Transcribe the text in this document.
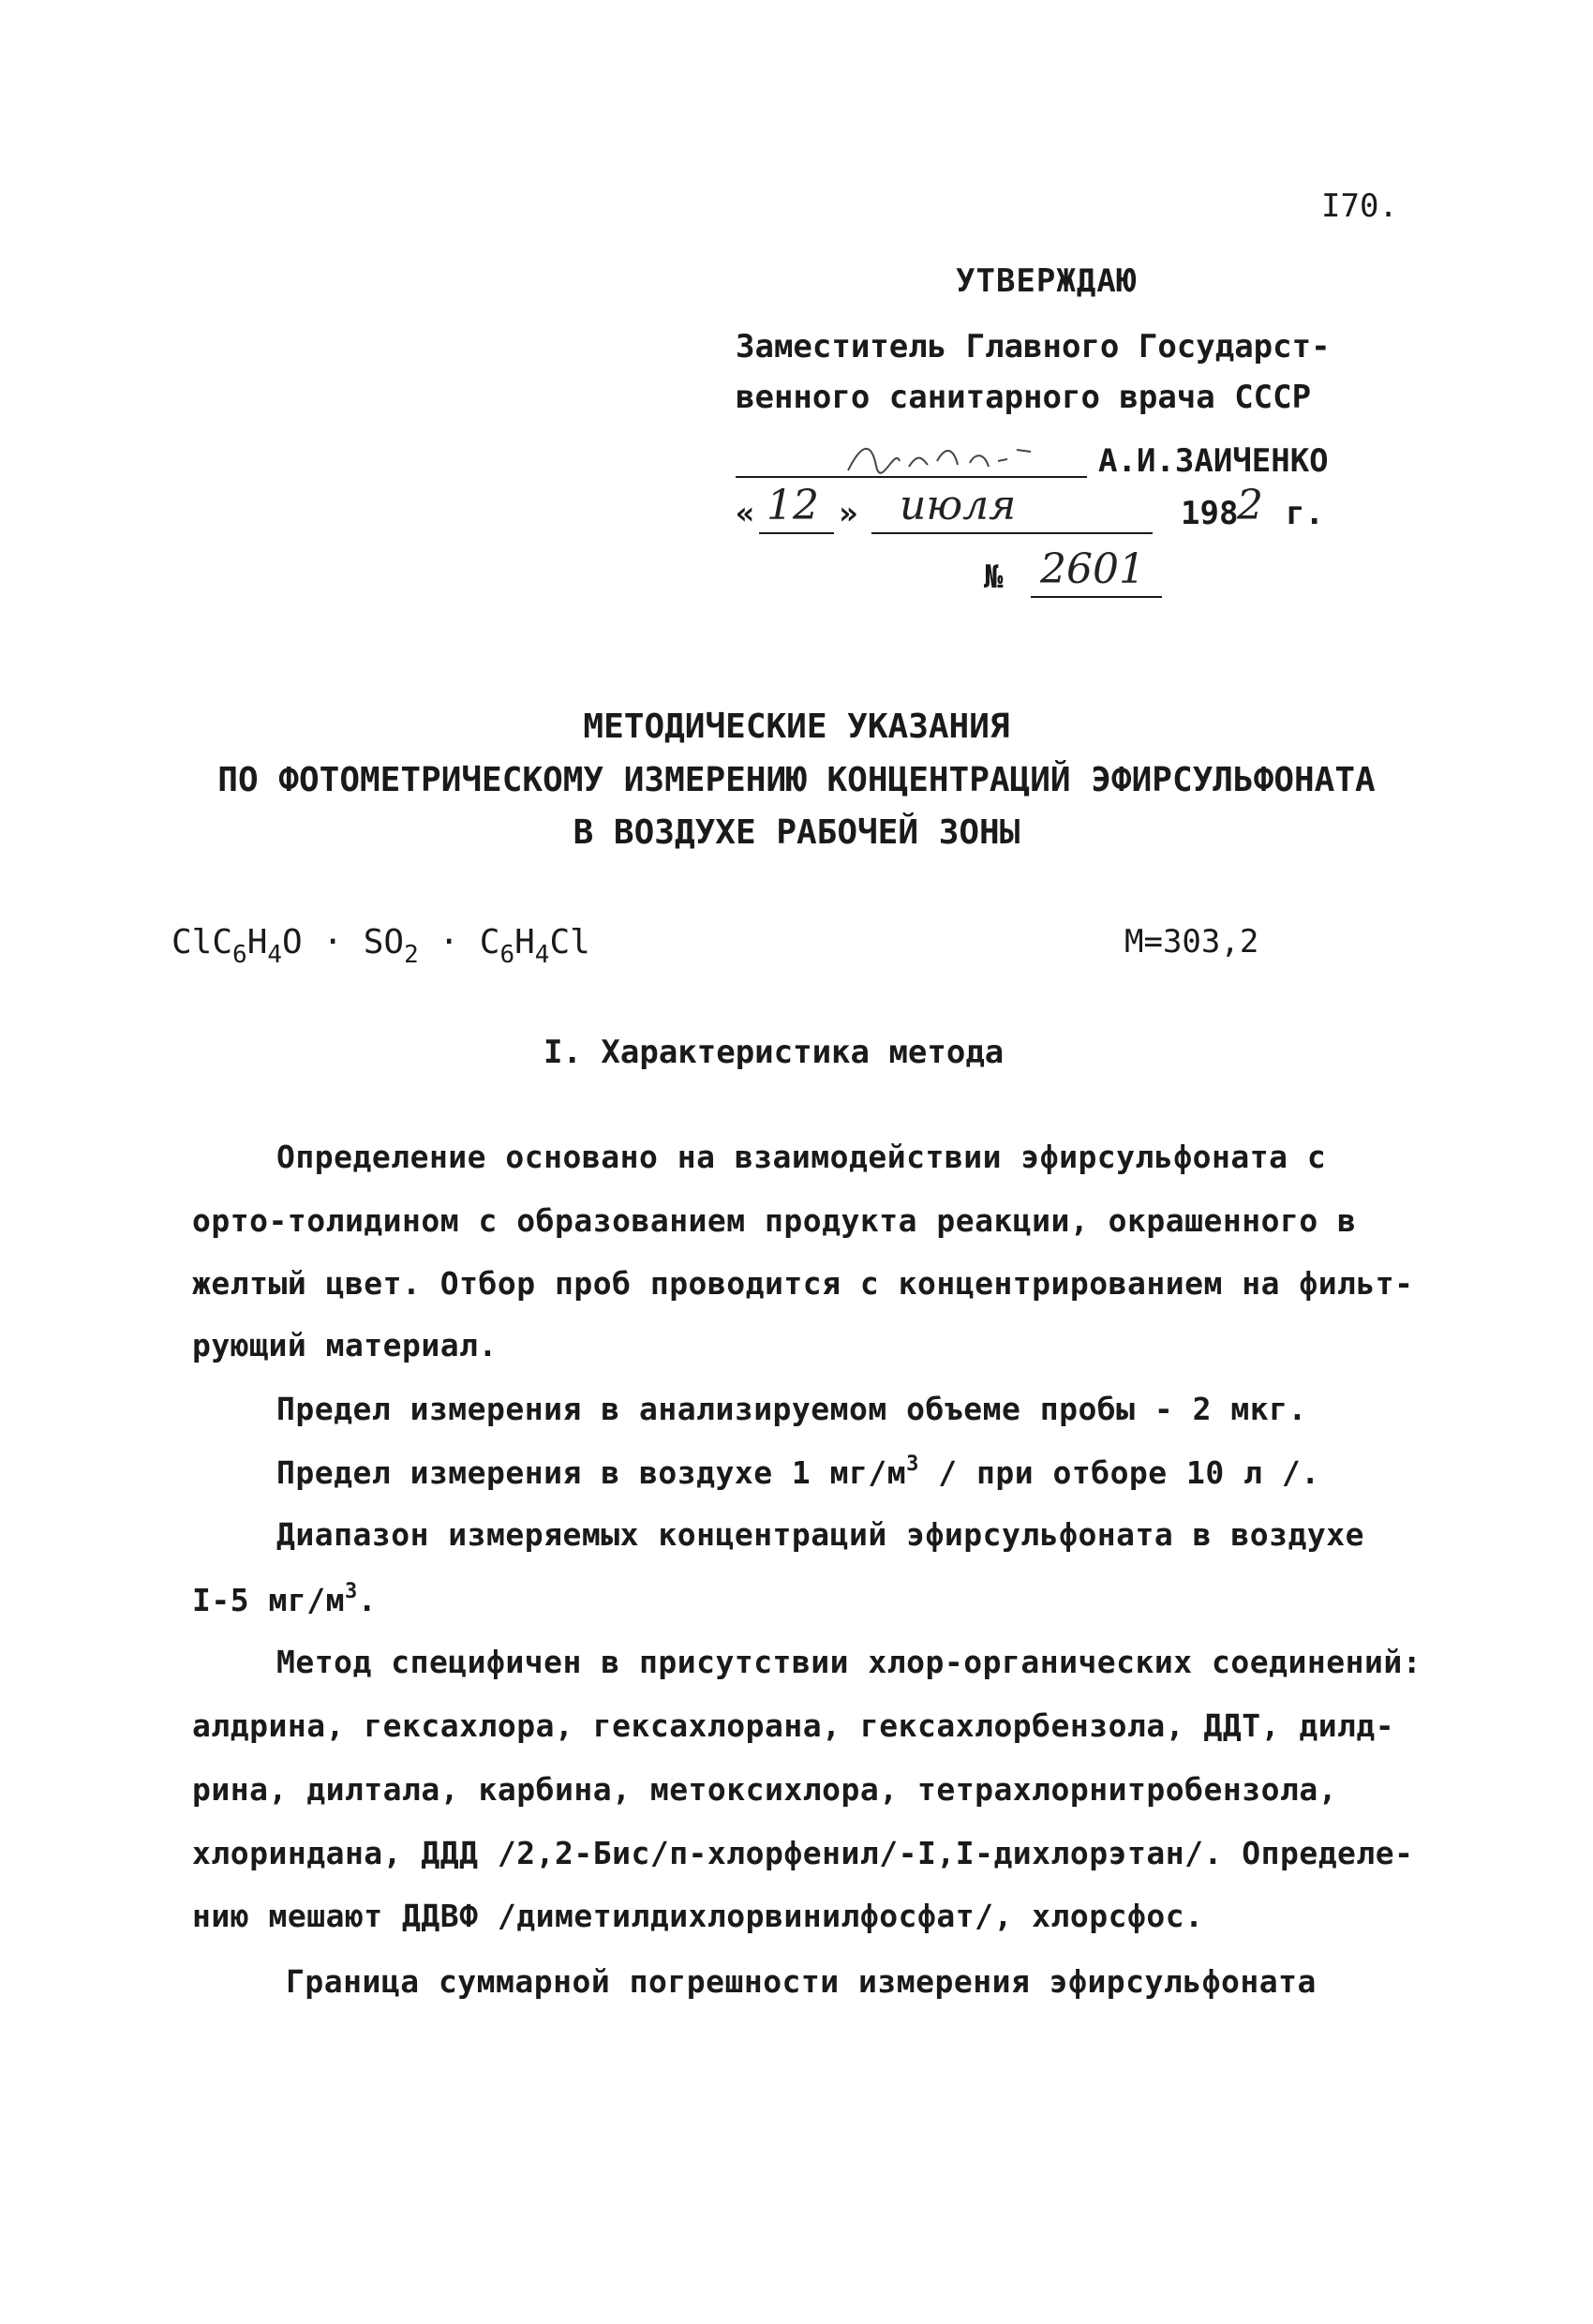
I70.
УТВЕРЖДАЮ
Заместитель Главного Государст-
венного санитарного врача СССР
А.И.ЗАИЧЕНКО
« 12 » июля	198
2 г.
№ 2601
МЕТОДИЧЕСКИЕ УКАЗАНИЯ
ПО ФОТОМЕТРИЧЕСКОМУ ИЗМЕРЕНИЮ КОНЦЕНТРАЦИЙ ЭФИРСУЛЬФОНАТА
В ВОЗДУХЕ РАБОЧЕЙ ЗОНЫ
$ClC_6H_4O \cdot SO_2 \cdot C_6H_4Cl$	М=303,2
I. Характеристика метода
Определение основано на взаимодействии эфирсульфоната с
орто-толидином с образованием продукта реакции, окрашенного в
желтый цвет. Отбор проб проводится с концентрированием на фильт-
рующий материал.
Предел измерения в анализируемом объеме пробы - 2 мкг.
Предел измерения в воздухе 1 $мг/м^3$ / при отборе 10 л /.
Диапазон измеряемых концентраций эфирсульфоната в воздухе
I-5 $мг/м^3$.
Метод специфичен в присутствии хлор-органических соединений:
алдрина, гексахлора, гексахлорана, гексахлорбензола, ДДТ, дилд-
рина, дилтала, карбина, метоксихлора, тетрахлорнитробензола,
хлориндана, ДДД /2,2-Бис/п-хлорфенил/-I,I-дихлорэтан/. Определе-
нию мешают ДДВФ /диметилдихлорвинилфосфат/, хлорсфос.
Граница суммарной погрешности измерения эфирсульфоната
